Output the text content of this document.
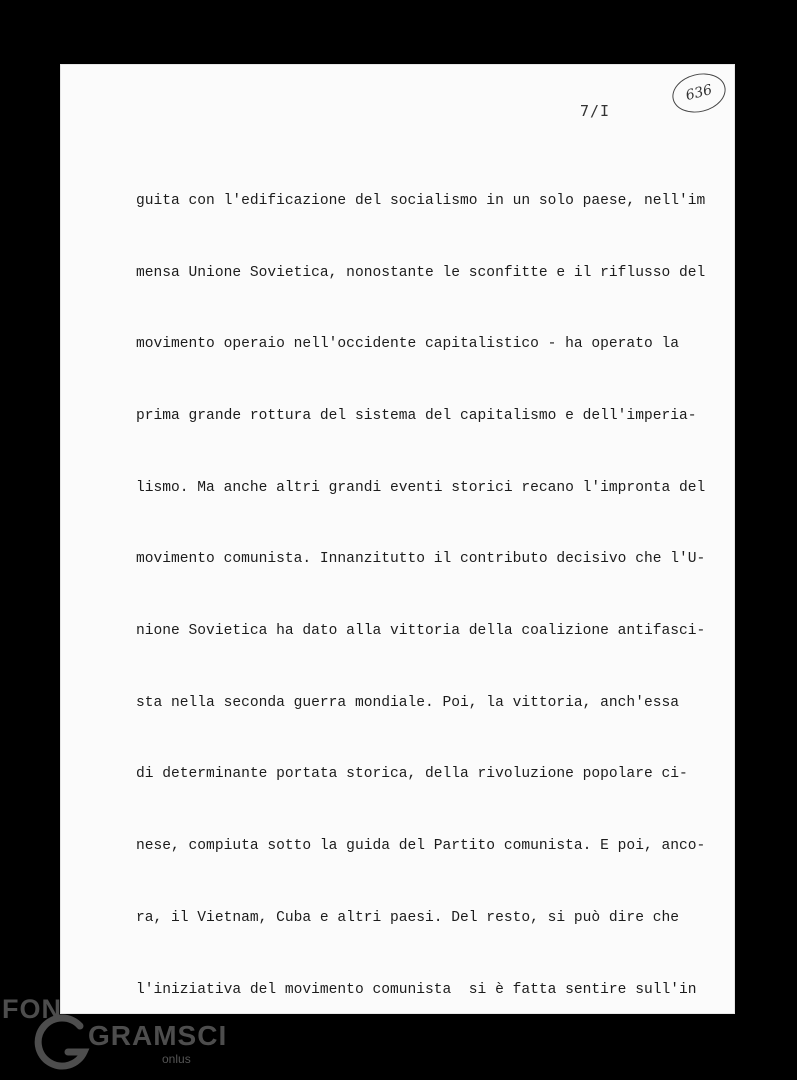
7/I
636

guita con l'edificazione del socialismo in un solo paese, nell'im

mensa Unione Sovietica, nonostante le sconfitte e il riflusso del

movimento operaio nell'occidente capitalistico - ha operato la

prima grande rottura del sistema del capitalismo e dell'imperia-

lismo. Ma anche altri grandi eventi storici recano l'impronta del

movimento comunista. Innanzitutto il contributo decisivo che l'U-

nione Sovietica ha dato alla vittoria della coalizione antifasci-

sta nella seconda guerra mondiale. Poi, la vittoria, anch'essa

di determinante portata storica, della rivoluzione popolare ci-

nese, compiuta sotto la guida del Partito comunista. E poi, anco-

ra, il Vietnam, Cuba e altri paesi. Del resto, si può dire che

l'iniziativa del movimento comunista  si è fatta sentire sull'in

FON
GRAMSCI
onlus
